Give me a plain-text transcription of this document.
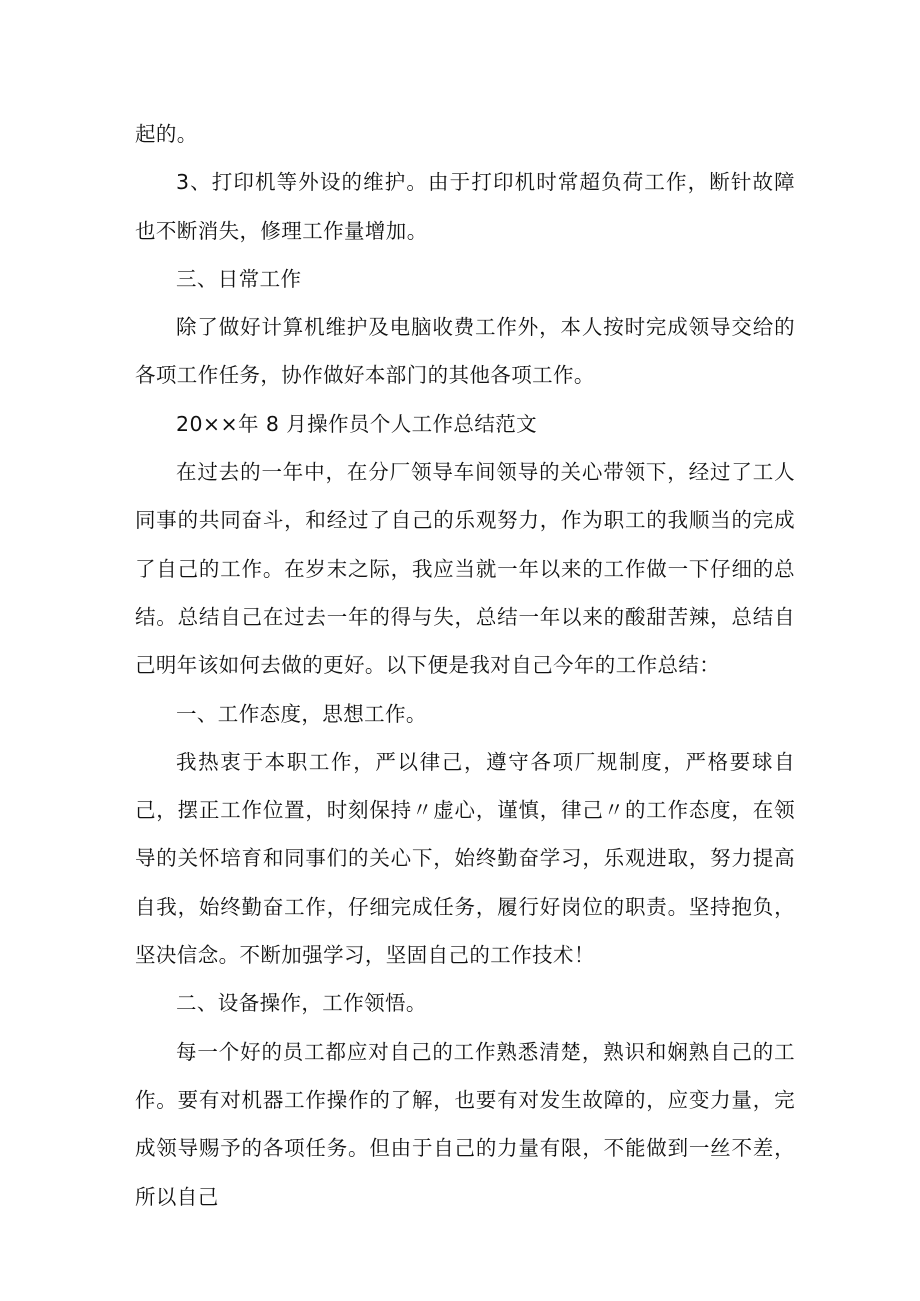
起的。

3、打印机等外设的维护。由于打印机时常超负荷工作，断针故障也不断消失，修理工作量增加。

三、日常工作

除了做好计算机维护及电脑收费工作外，本人按时完成领导交给的各项工作任务，协作做好本部门的其他各项工作。

20××年 8 月操作员个人工作总结范文

在过去的一年中，在分厂领导车间领导的关心带领下，经过了工人同事的共同奋斗，和经过了自己的乐观努力，作为职工的我顺当的完成了自己的工作。在岁末之际，我应当就一年以来的工作做一下仔细的总结。总结自己在过去一年的得与失，总结一年以来的酸甜苦辣，总结自己明年该如何去做的更好。以下便是我对自己今年的工作总结：

一、工作态度，思想工作。

我热衷于本职工作，严以律己，遵守各项厂规制度，严格要球自己，摆正工作位置，时刻保持〃虚心，谨慎，律己〃的工作态度，在领导的关怀培育和同事们的关心下，始终勤奋学习，乐观进取，努力提高自我，始终勤奋工作，仔细完成任务，履行好岗位的职责。坚持抱负，坚决信念。不断加强学习，坚固自己的工作技术！

二、设备操作，工作领悟。

每一个好的员工都应对自己的工作熟悉清楚，熟识和娴熟自己的工作。要有对机器工作操作的了解，也要有对发生故障的，应变力量，完成领导赐予的各项任务。但由于自己的力量有限，不能做到一丝不差，所以自己
